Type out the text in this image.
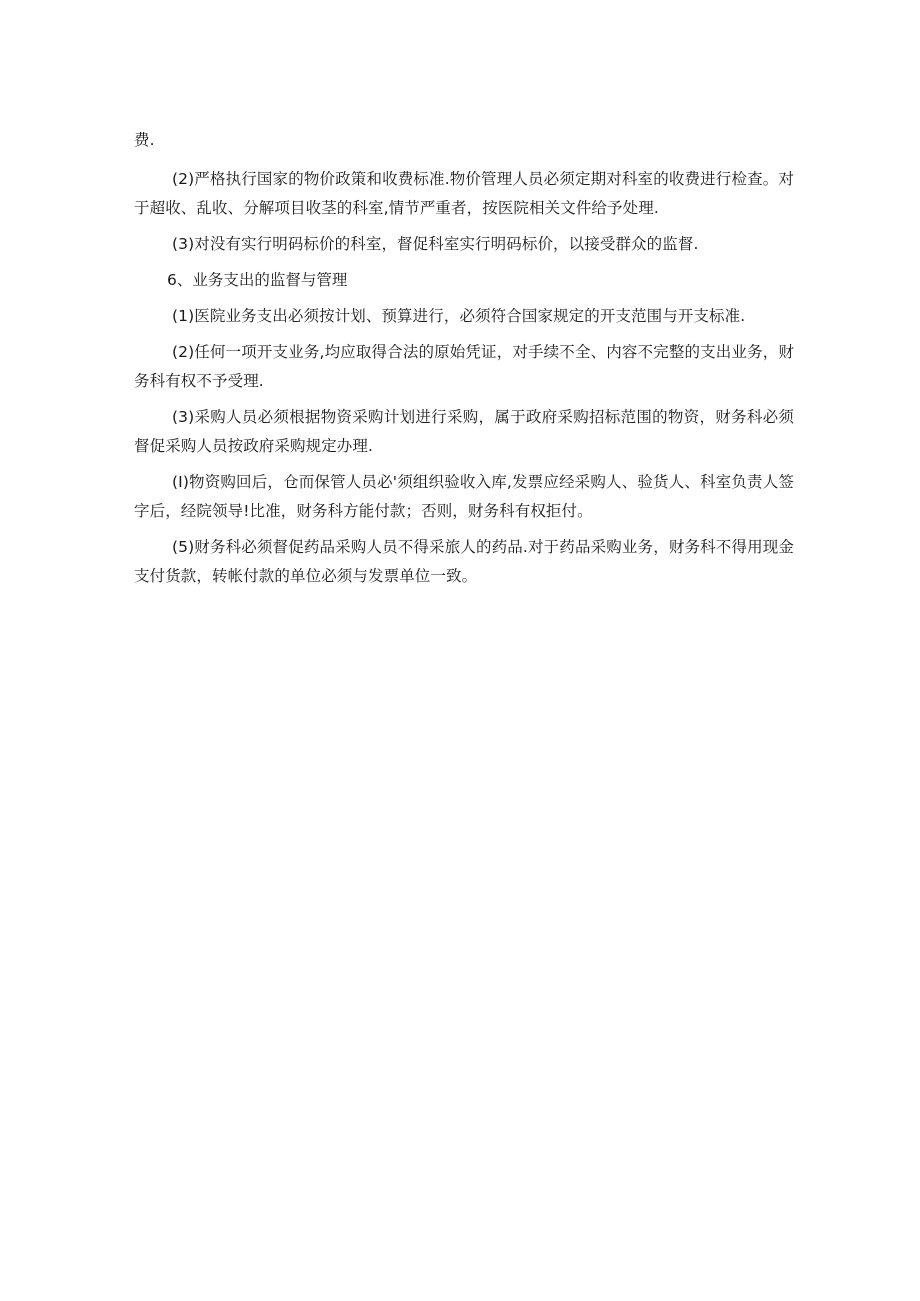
费.

(2)严格执行国家的物价政策和收费标准.物价管理人员必须定期对科室的收费进行检查。对于超收、乱收、分解项目收茎的科室,情节严重者，按医院相关文件给予处理.

(3)对没有实行明码标价的科室，督促科室实行明码标价，以接受群众的监督.

6、业务支出的监督与管理

(1)医院业务支出必须按计划、预算进行，必须符合国家规定的开支范围与开支标准.

(2)任何一项开支业务,均应取得合法的原始凭证，对手续不全、内容不完整的支出业务，财务科有权不予受理.

(3)采购人员必须根据物资采购计划进行采购，属于政府采购招标范围的物资，财务科必须督促采购人员按政府采购规定办理.

(I)物资购回后，仓而保管人员必'须组织验收入库,发票应经采购人、验货人、科室负责人签字后，经院领导!比准，财务科方能付款；否则，财务科有权拒付。

(5)财务科必须督促药品采购人员不得采旅人的药品.对于药品采购业务，财务科不得用现金支付货款，转帐付款的单位必须与发票单位一致。
